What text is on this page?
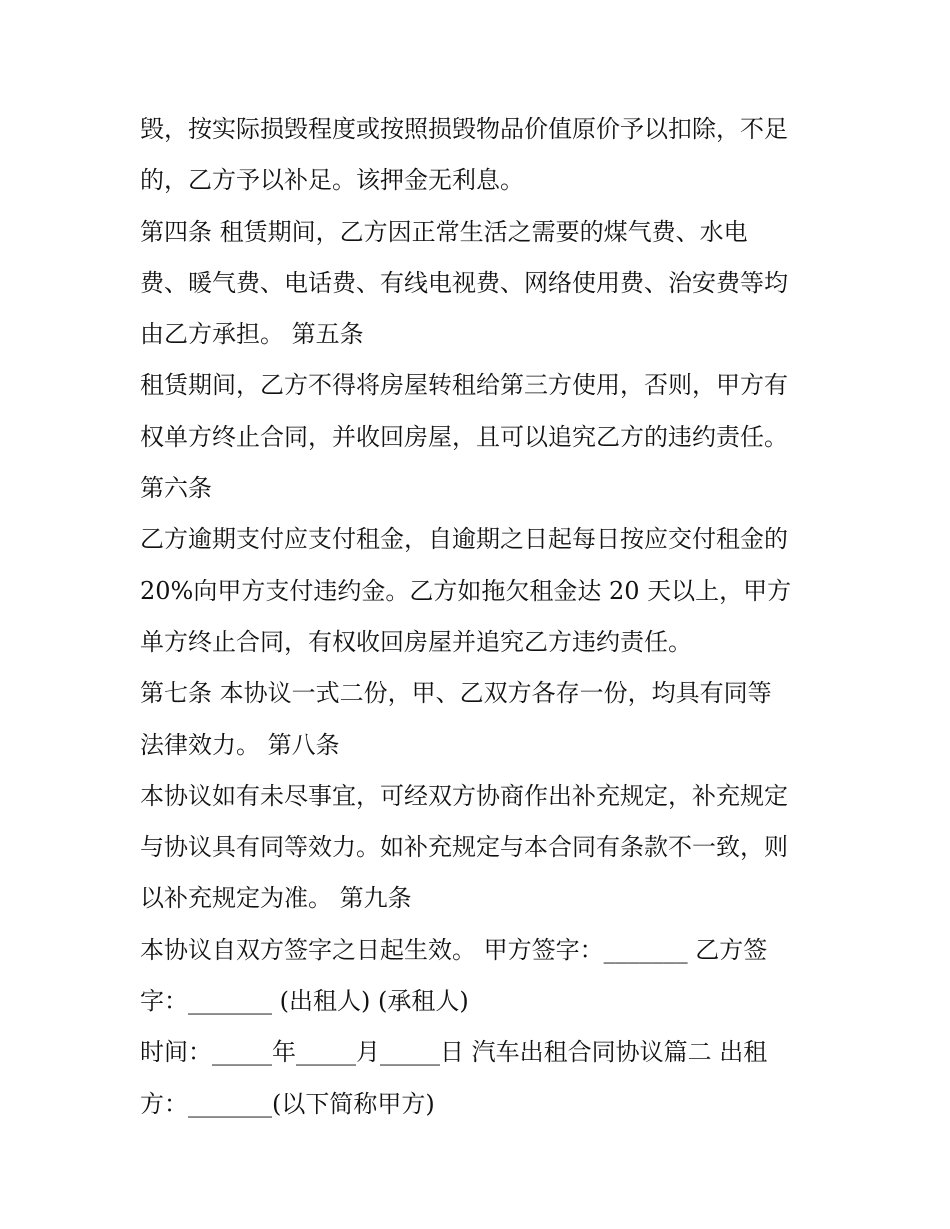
毁，按实际损毁程度或按照损毁物品价值原价予以扣除，不足
的，乙方予以补足。该押金无利息。
第四条 租赁期间，乙方因正常生活之需要的煤气费、水电
费、暖气费、电话费、有线电视费、网络使用费、治安费等均
由乙方承担。 第五条
租赁期间，乙方不得将房屋转租给第三方使用，否则，甲方有
权单方终止合同，并收回房屋，且可以追究乙方的违约责任。
第六条
乙方逾期支付应支付租金，自逾期之日起每日按应交付租金的
20%向甲方支付违约金。乙方如拖欠租金达 20 天以上，甲方
单方终止合同，有权收回房屋并追究乙方违约责任。
第七条 本协议一式二份，甲、乙双方各存一份，均具有同等
法律效力。 第八条
本协议如有未尽事宜，可经双方协商作出补充规定，补充规定
与协议具有同等效力。如补充规定与本合同有条款不一致，则
以补充规定为准。 第九条
本协议自双方签字之日起生效。 甲方签字：_______ 乙方签
字：_______ (出租人) (承租人)
时间：_____年_____月_____日 汽车出租合同协议篇二 出租
方：_______(以下简称甲方)
